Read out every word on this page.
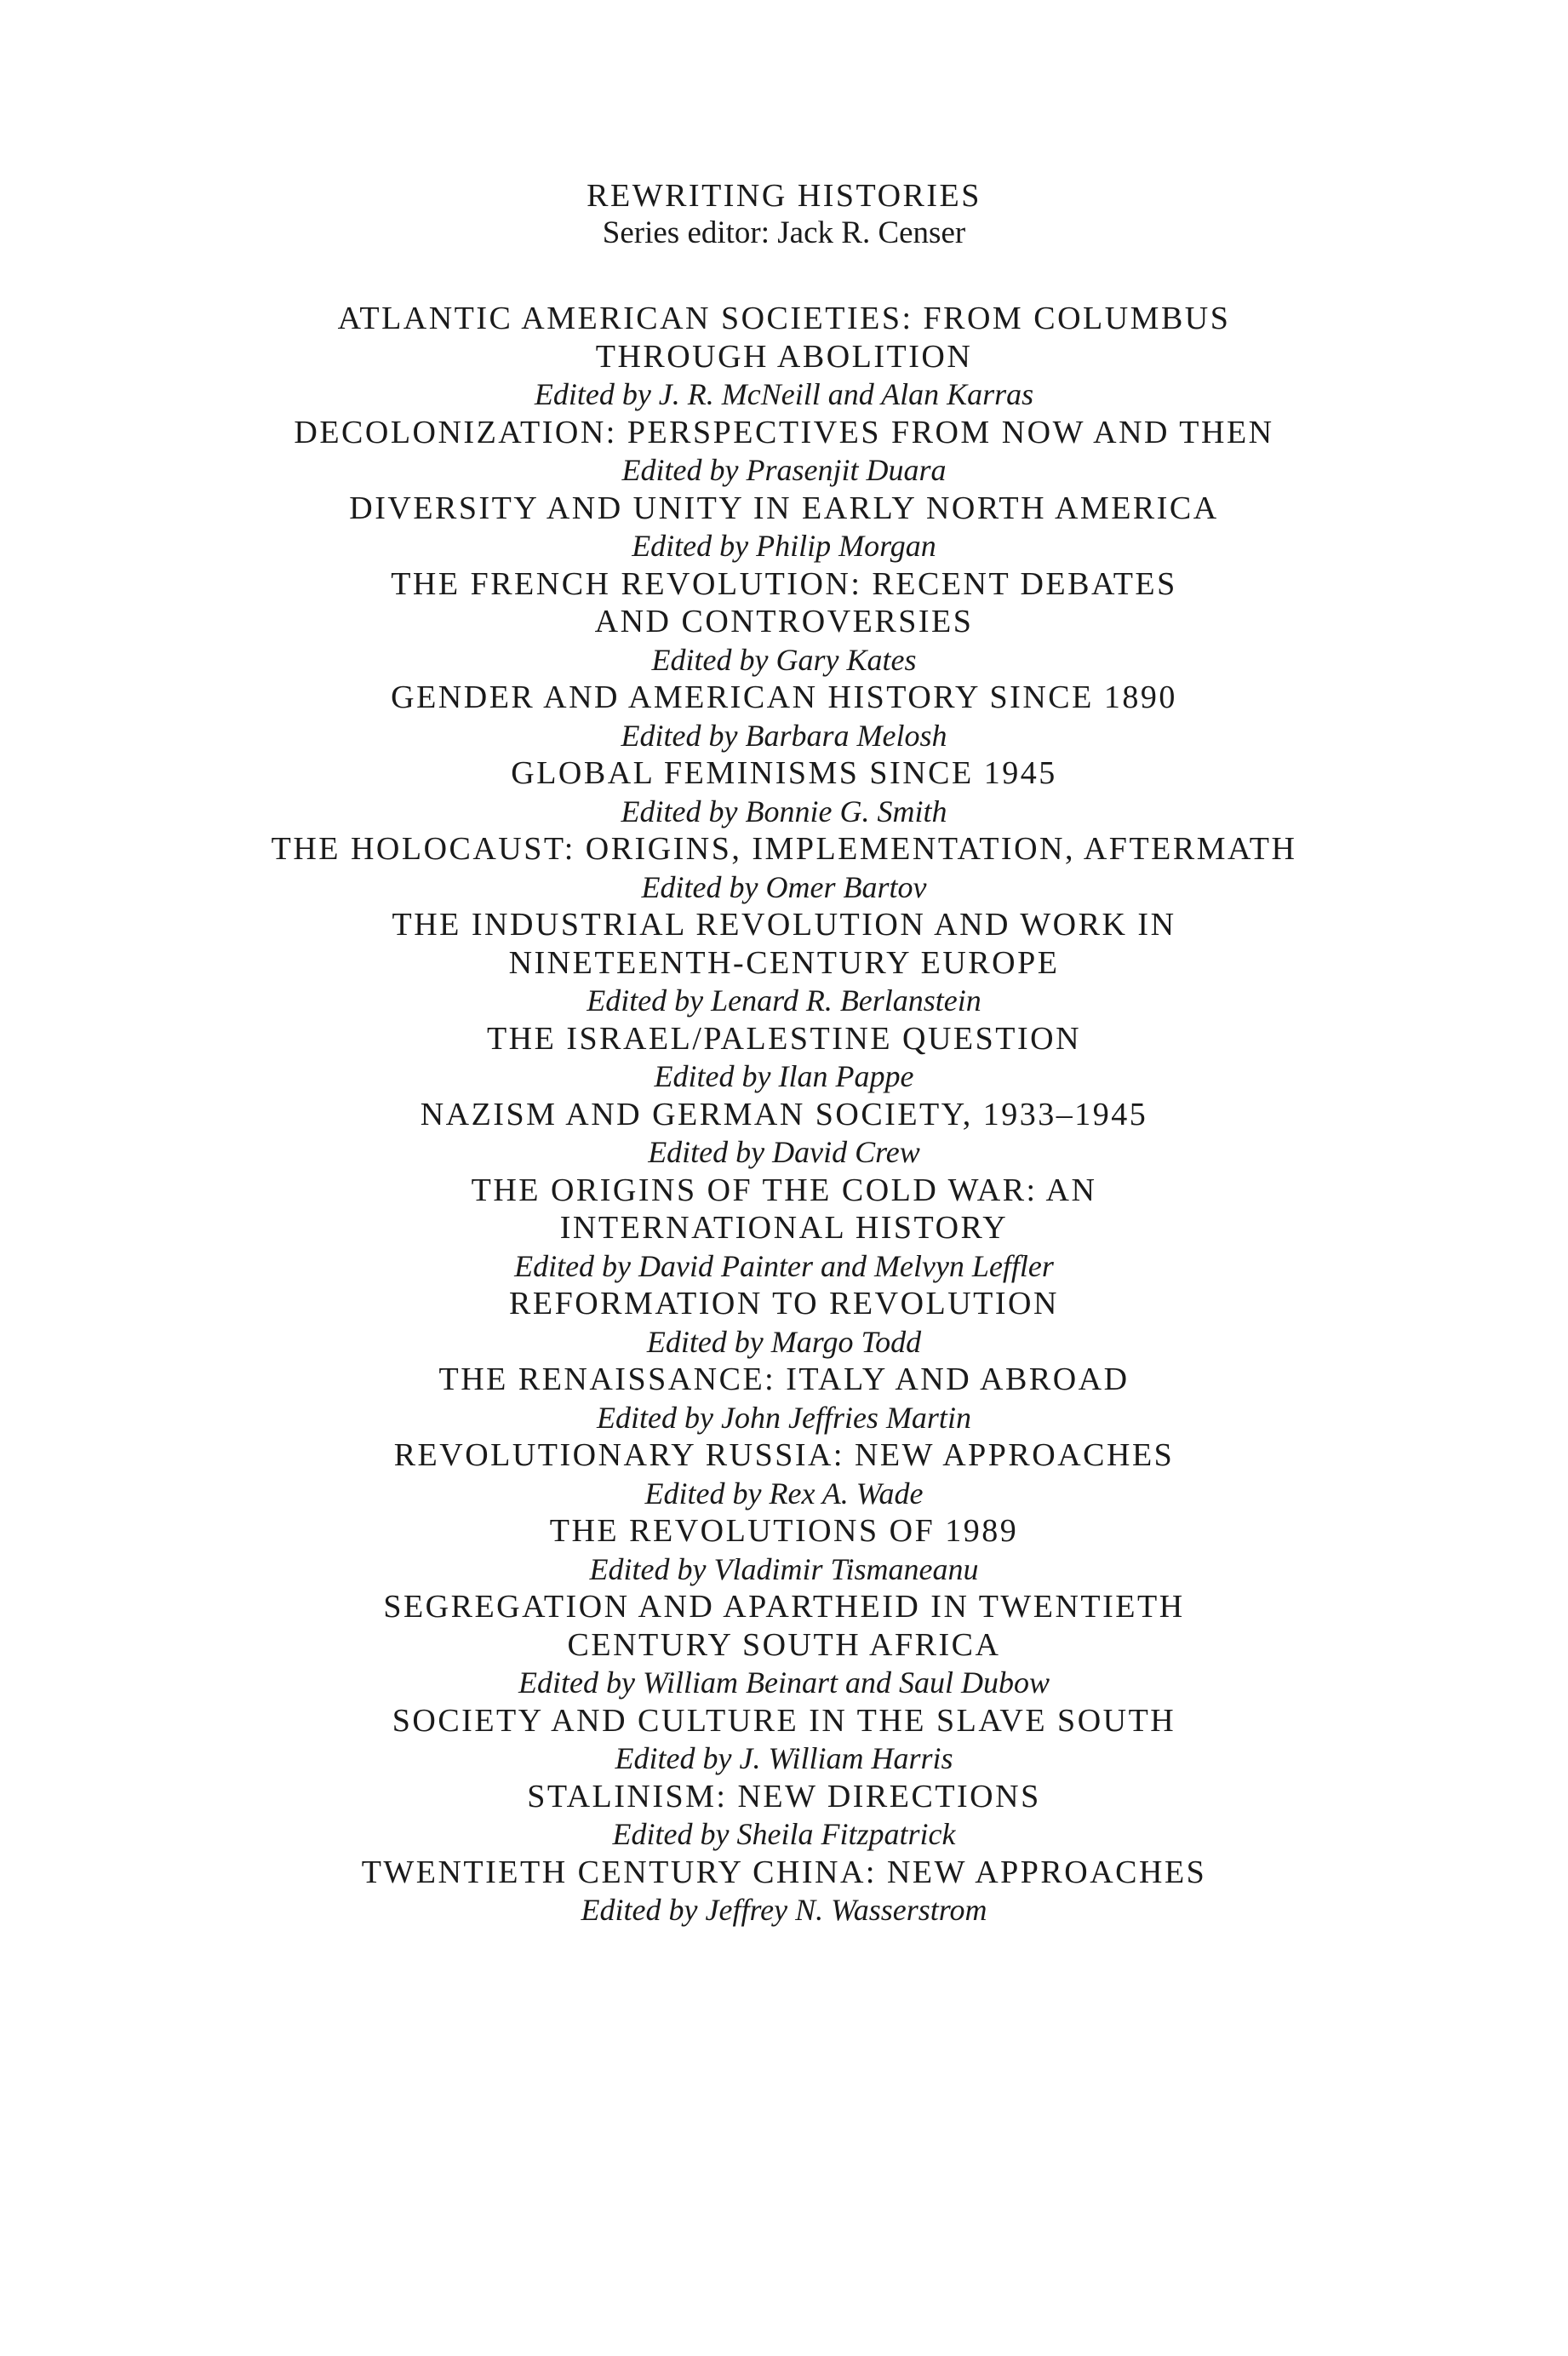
REWRITING HISTORIES
Series editor: Jack R. Censer
ATLANTIC AMERICAN SOCIETIES: FROM COLUMBUS
THROUGH ABOLITION
Edited by J. R. McNeill and Alan Karras
DECOLONIZATION: PERSPECTIVES FROM NOW AND THEN
Edited by Prasenjit Duara
DIVERSITY AND UNITY IN EARLY NORTH AMERICA
Edited by Philip Morgan
THE FRENCH REVOLUTION: RECENT DEBATES
AND CONTROVERSIES
Edited by Gary Kates
GENDER AND AMERICAN HISTORY SINCE 1890
Edited by Barbara Melosh
GLOBAL FEMINISMS SINCE 1945
Edited by Bonnie G. Smith
THE HOLOCAUST: ORIGINS, IMPLEMENTATION, AFTERMATH
Edited by Omer Bartov
THE INDUSTRIAL REVOLUTION AND WORK IN
NINETEENTH-CENTURY EUROPE
Edited by Lenard R. Berlanstein
THE ISRAEL/PALESTINE QUESTION
Edited by Ilan Pappe
NAZISM AND GERMAN SOCIETY, 1933–1945
Edited by David Crew
THE ORIGINS OF THE COLD WAR: AN
INTERNATIONAL HISTORY
Edited by David Painter and Melvyn Leffler
REFORMATION TO REVOLUTION
Edited by Margo Todd
THE RENAISSANCE: ITALY AND ABROAD
Edited by John Jeffries Martin
REVOLUTIONARY RUSSIA: NEW APPROACHES
Edited by Rex A. Wade
THE REVOLUTIONS OF 1989
Edited by Vladimir Tismaneanu
SEGREGATION AND APARTHEID IN TWENTIETH
CENTURY SOUTH AFRICA
Edited by William Beinart and Saul Dubow
SOCIETY AND CULTURE IN THE SLAVE SOUTH
Edited by J. William Harris
STALINISM: NEW DIRECTIONS
Edited by Sheila Fitzpatrick
TWENTIETH CENTURY CHINA: NEW APPROACHES
Edited by Jeffrey N. Wasserstrom
